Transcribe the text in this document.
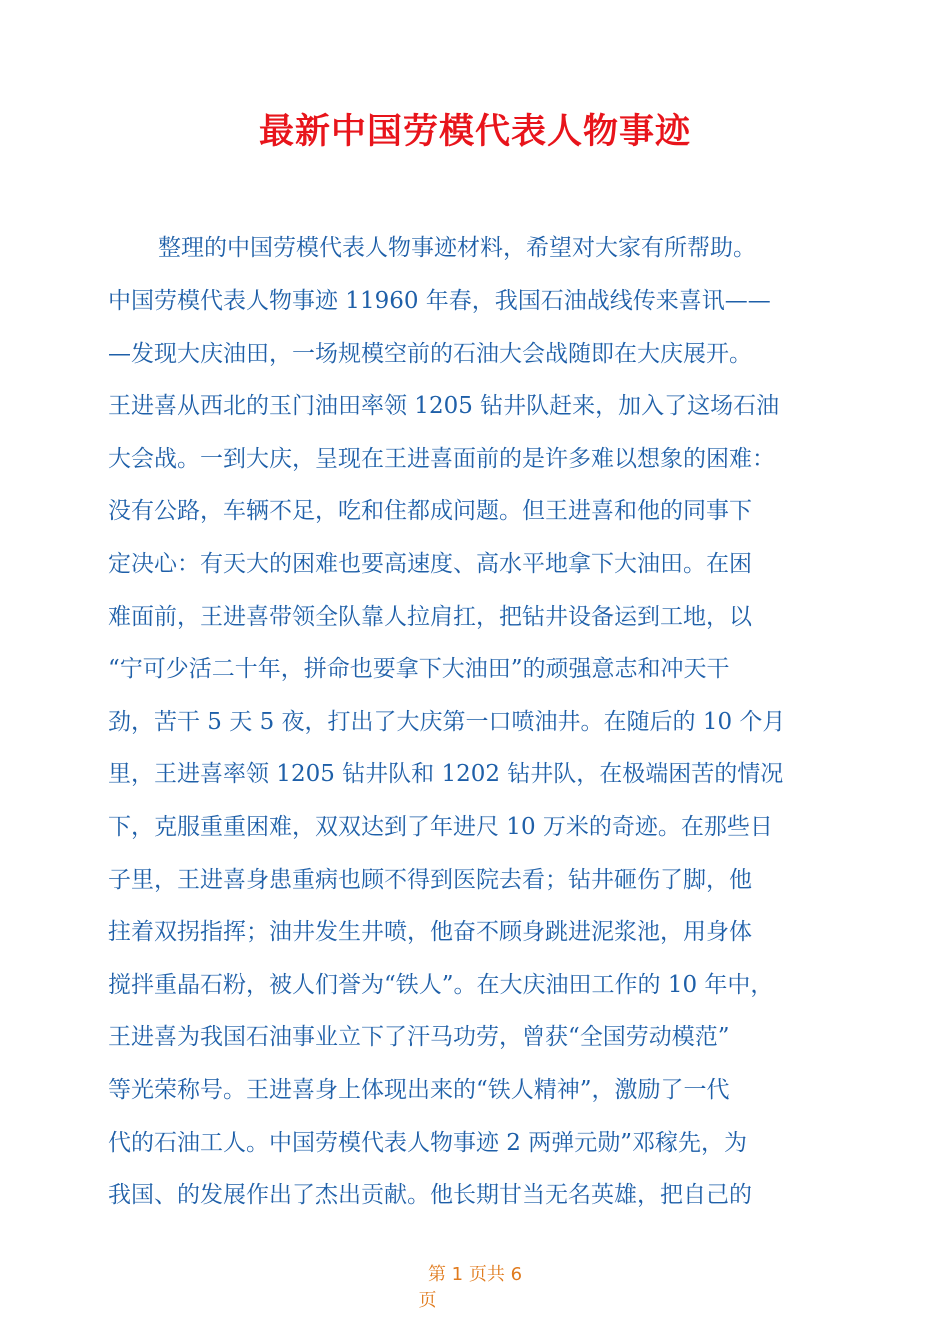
最新中国劳模代表人物事迹
整理的中国劳模代表人物事迹材料，希望对大家有所帮助。
中国劳模代表人物事迹 11960 年春，我国石油战线传来喜讯——
—发现大庆油田，一场规模空前的石油大会战随即在大庆展开。
王进喜从西北的玉门油田率领 1205 钻井队赶来，加入了这场石油
大会战。一到大庆，呈现在王进喜面前的是许多难以想象的困难：
没有公路，车辆不足，吃和住都成问题。但王进喜和他的同事下
定决心：有天大的困难也要高速度、高水平地拿下大油田。在困
难面前，王进喜带领全队靠人拉肩扛，把钻井设备运到工地，以
“宁可少活二十年，拼命也要拿下大油田”的顽强意志和冲天干
劲，苦干 5 天 5 夜，打出了大庆第一口喷油井。在随后的 10 个月
里，王进喜率领 1205 钻井队和 1202 钻井队，在极端困苦的情况
下，克服重重困难，双双达到了年进尺 10 万米的奇迹。在那些日
子里，王进喜身患重病也顾不得到医院去看；钻井砸伤了脚，他
拄着双拐指挥；油井发生井喷，他奋不顾身跳进泥浆池，用身体
搅拌重晶石粉，被人们誉为“铁人”。在大庆油田工作的 10 年中，
王进喜为我国石油事业立下了汗马功劳，曾获“全国劳动模范”
等光荣称号。王进喜身上体现出来的“铁人精神”，激励了一代
代的石油工人。中国劳模代表人物事迹 2 两弹元勋”邓稼先，为
我国、的发展作出了杰出贡献。他长期甘当无名英雄，把自己的
第 1 页共 6
页
